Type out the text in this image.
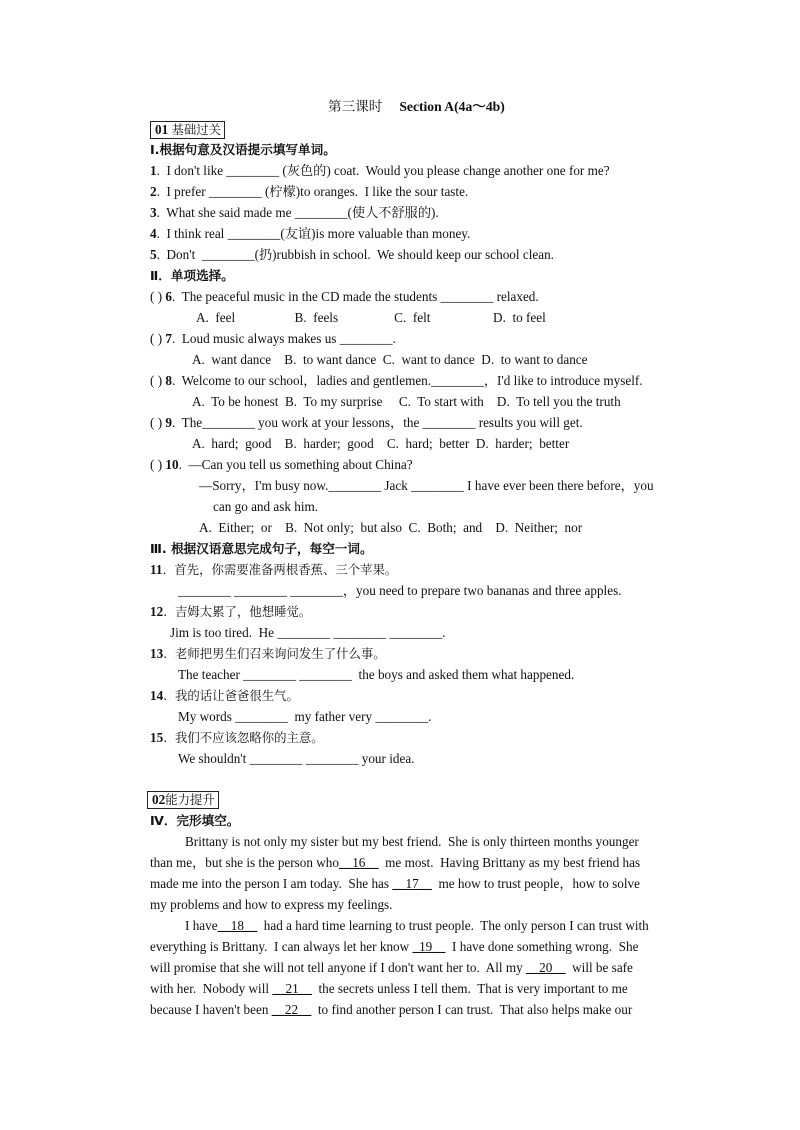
第三课时 Section A(4a～4b)
01 基础过关
Ⅰ.根据句意及汉语提示填写单词。
1.  I don't like ________ (灰色的) coat.  Would you please change another one for me?
2.  I prefer ________ (柠檬)to oranges.  I like the sour taste.
3.  What she said made me ________(使人不舒服的).
4.  I think real ________(友谊)is more valuable than money.
5.  Don't  ________(扔)rubbish in school.  We should keep our school clean.
Ⅱ．单项选择。
( ) 6.  The peaceful music in the CD made the students ________ relaxed.
A.  feel                  B.  feels                 C.  felt                   D.  to feel
( ) 7.  Loud music always makes us ________.
A.  want dance    B.  to want dance  C.  want to dance  D.  to want to dance
( ) 8.  Welcome to our school，ladies and gentlemen.________，I'd like to introduce myself.
A.  To be honest  B.  To my surprise     C.  To start with    D.  To tell you the truth
( ) 9.  The________ you work at your lessons，the ________ results you will get.
A.  hard;  good    B.  harder;  good    C.  hard;  better  D.  harder;  better
( ) 10.  —Can you tell us something about China?
—Sorry，I'm busy now.________ Jack ________ I have ever been there before，you
can go and ask him.
A.  Either;  or    B.  Not only;  but also  C.  Both;  and    D.  Neither;  nor
Ⅲ. 根据汉语意思完成句子，每空一词。
11.  首先，你需要准备两根香蕉、三个苹果。
________ ________ ________，you need to prepare two bananas and three apples.
12.  吉姆太累了，他想睡觉。
Jim is too tired.  He ________ ________ ________.
13.  老师把男生们召来询问发生了什么事。
The teacher ________ ________  the boys and asked them what happened.
14.  我的话让爸爸很生气。
My words ________  my father very ________.
15.  我们不应该忽略你的主意。
We shouldn't ________ ________ your idea.
02能力提升
Ⅳ．完形填空。
Brittany is not only my sister but my best friend.  She is only thirteen months younger
than me，but she is the person who__16__  me most.  Having Brittany as my best friend has
made me into the person I am today.  She has __17__  me how to trust people，how to solve
my problems and how to express my feelings.
I have__18__  had a hard time learning to trust people.  The only person I can trust with
everything is Brittany.  I can always let her know _19__  I have done something wrong.  She
will promise that she will not tell anyone if I don't want her to.  All my __20__  will be safe
with her.  Nobody will __21__  the secrets unless I tell them.  That is very important to me
because I haven't been __22__  to find another person I can trust.  That also helps make our
